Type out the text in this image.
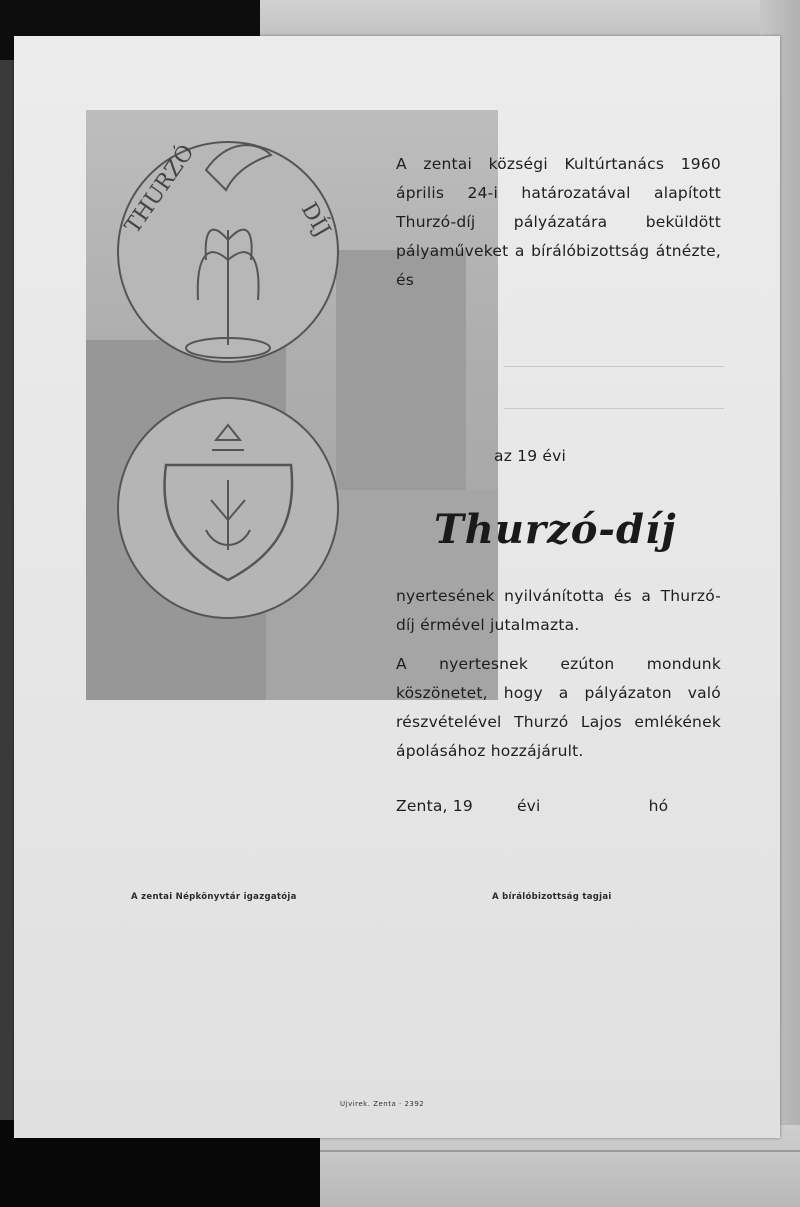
THURZÓ	DÍJ
A zentai községi Kultúrtanács 1960 április 24-i határozatával alapított Thurzó-díj pályázatára beküldött pályaműveket a bírálóbizottság átnézte, és
az 19 évi
Thurzó-díj
nyertesének nyilvánította és a Thurzó-díj érmével jutalmazta.
A nyertesnek ezúton mondunk köszönetet, hogy a pályázaton való részvételével Thurzó Lajos emlékének ápolásához hozzájárult.
Zenta, 19	évi	hó
A zentai Népkönyvtár igazgatója	A bírálóbizottság tagjai
Ujvirek. Zenta · 2392
